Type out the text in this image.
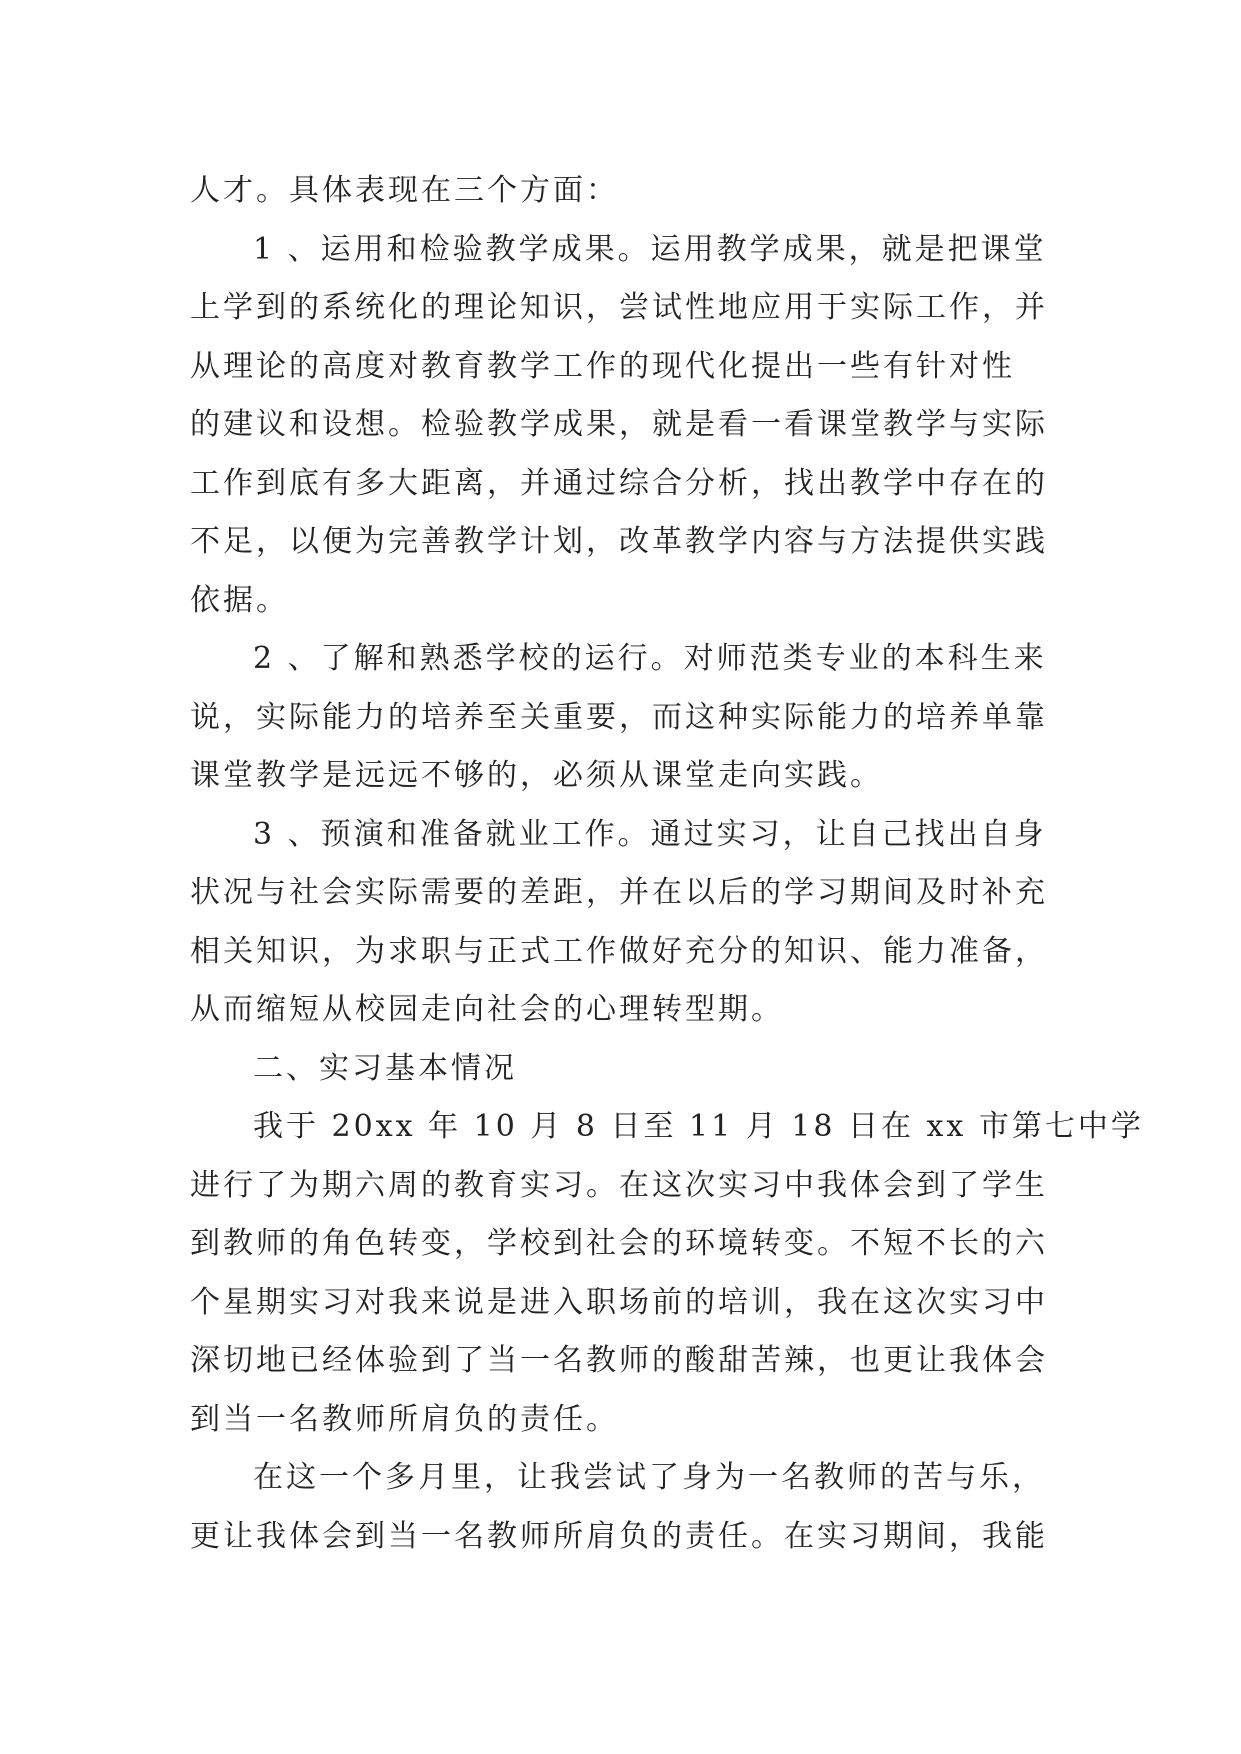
人才。具体表现在三个方面：
1 、运用和检验教学成果。运用教学成果，就是把课堂
上学到的系统化的理论知识，尝试性地应用于实际工作，并
从理论的高度对教育教学工作的现代化提出一些有针对性
的建议和设想。检验教学成果，就是看一看课堂教学与实际
工作到底有多大距离，并通过综合分析，找出教学中存在的
不足，以便为完善教学计划，改革教学内容与方法提供实践
依据。
2 、了解和熟悉学校的运行。对师范类专业的本科生来
说，实际能力的培养至关重要，而这种实际能力的培养单靠
课堂教学是远远不够的，必须从课堂走向实践。
3 、预演和准备就业工作。通过实习，让自己找出自身
状况与社会实际需要的差距，并在以后的学习期间及时补充
相关知识，为求职与正式工作做好充分的知识、能力准备，
从而缩短从校园走向社会的心理转型期。
二、实习基本情况
我于 20xx 年 10 月 8 日至 11 月 18 日在 xx 市第七中学
进行了为期六周的教育实习。在这次实习中我体会到了学生
到教师的角色转变，学校到社会的环境转变。不短不长的六
个星期实习对我来说是进入职场前的培训，我在这次实习中
深切地已经体验到了当一名教师的酸甜苦辣，也更让我体会
到当一名教师所肩负的责任。
在这一个多月里，让我尝试了身为一名教师的苦与乐，
更让我体会到当一名教师所肩负的责任。在实习期间，我能
